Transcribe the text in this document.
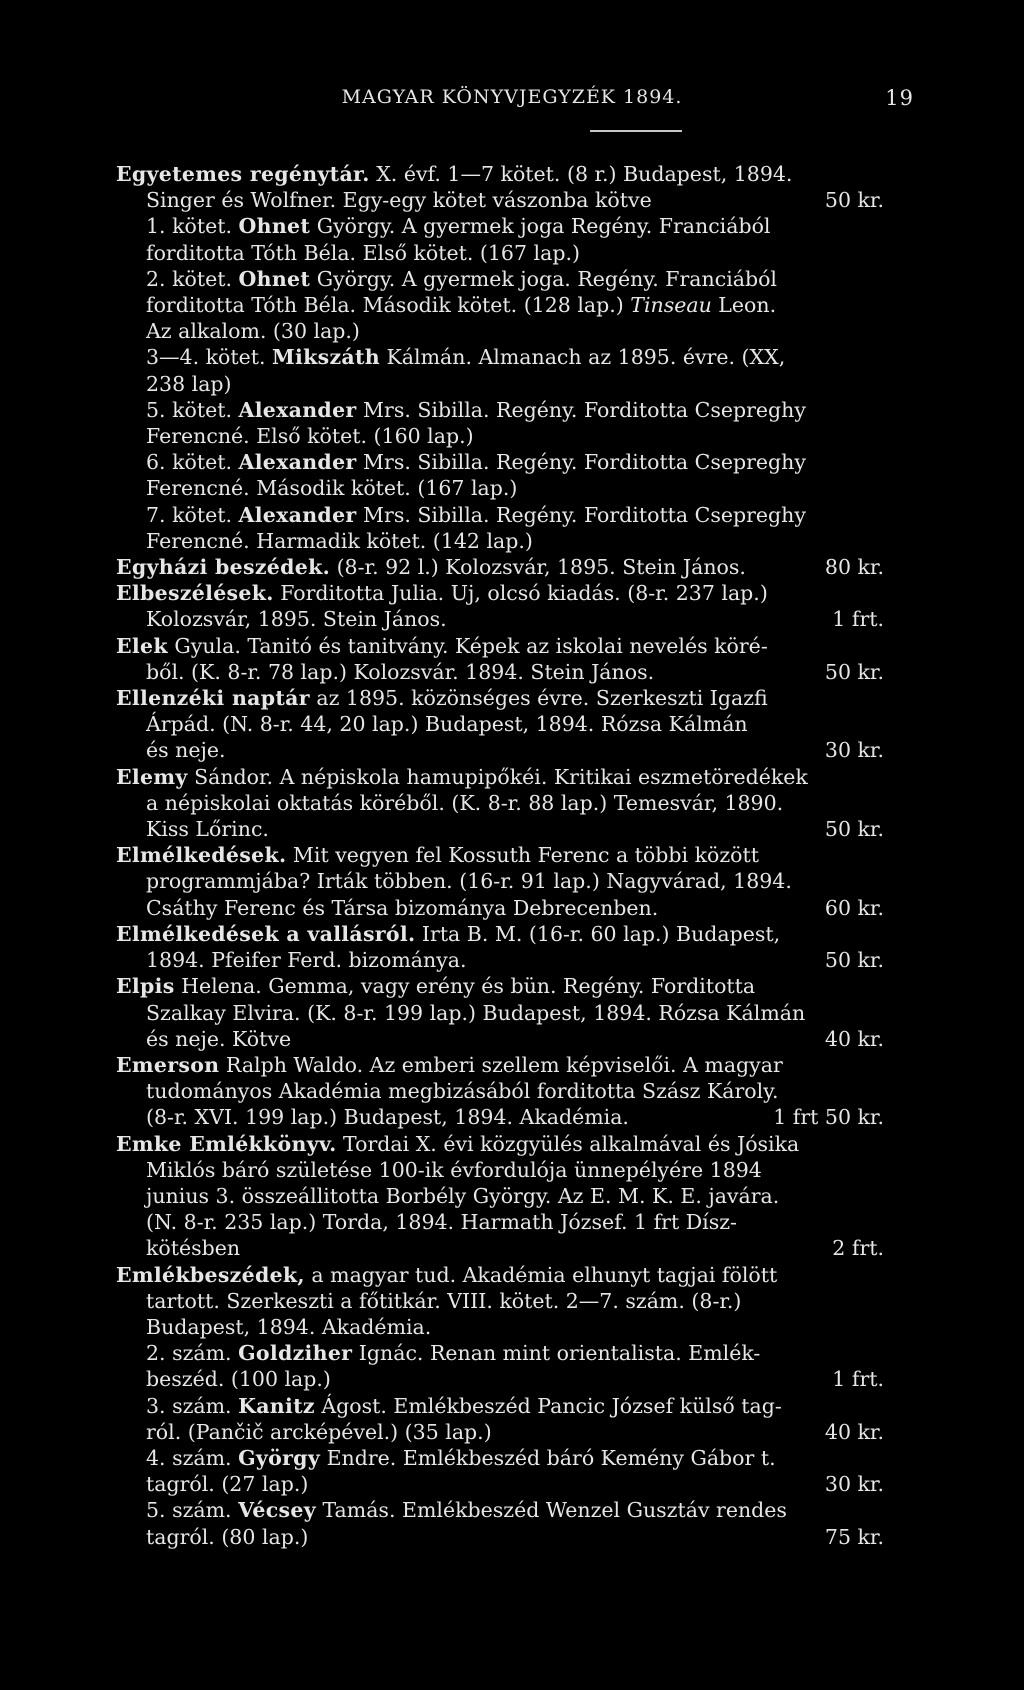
MAGYAR KÖNYVJEGYZÉK 1894.	19
Egyetemes regénytár. X. évf. 1—7 kötet. (8 r.) Budapest, 1894.
Singer és Wolfner. Egy-egy kötet vászonba kötve	50 kr.
1. kötet. Ohnet György. A gyermek joga Regény. Franciából
forditotta Tóth Béla. Első kötet. (167 lap.)
2. kötet. Ohnet György. A gyermek joga. Regény. Franciából
forditotta Tóth Béla. Második kötet. (128 lap.) Tinseau Leon.
Az alkalom. (30 lap.)
3—4. kötet. Mikszáth Kálmán. Almanach az 1895. évre. (XX,
238 lap)
5. kötet. Alexander Mrs. Sibilla. Regény. Forditotta Csepreghy
Ferencné. Első kötet. (160 lap.)
6. kötet. Alexander Mrs. Sibilla. Regény. Forditotta Csepreghy
Ferencné. Második kötet. (167 lap.)
7. kötet. Alexander Mrs. Sibilla. Regény. Forditotta Csepreghy
Ferencné. Harmadik kötet. (142 lap.)
Egyházi beszédek. (8-r. 92 l.) Kolozsvár, 1895. Stein János.	80 kr.
Elbeszélések. Forditotta Julia. Uj, olcsó kiadás. (8-r. 237 lap.)
Kolozsvár, 1895. Stein János.	1 frt.
Elek Gyula. Tanitó és tanitvány. Képek az iskolai nevelés köré-
ből. (K. 8-r. 78 lap.) Kolozsvár. 1894. Stein János.	50 kr.
Ellenzéki naptár az 1895. közönséges évre. Szerkeszti Igazfi
Árpád. (N. 8-r. 44, 20 lap.) Budapest, 1894. Rózsa Kálmán
és neje.	30 kr.
Elemy Sándor. A népiskola hamupipőkéi. Kritikai eszmetöredékek
a népiskolai oktatás köréből. (K. 8-r. 88 lap.) Temesvár, 1890.
Kiss Lőrinc.	50 kr.
Elmélkedések. Mit vegyen fel Kossuth Ferenc a többi között
programmjába? Irták többen. (16-r. 91 lap.) Nagyvárad, 1894.
Csáthy Ferenc és Társa bizománya Debrecenben.	60 kr.
Elmélkedések a vallásról. Irta B. M. (16-r. 60 lap.) Budapest,
1894. Pfeifer Ferd. bizománya.	50 kr.
Elpis Helena. Gemma, vagy erény és bün. Regény. Forditotta
Szalkay Elvira. (K. 8-r. 199 lap.) Budapest, 1894. Rózsa Kálmán
és neje. Kötve	40 kr.
Emerson Ralph Waldo. Az emberi szellem képviselői. A magyar
tudományos Akadémia megbizásából forditotta Szász Károly.
(8-r. XVI. 199 lap.) Budapest, 1894. Akadémia.	1 frt 50 kr.
Emke Emlékkönyv. Tordai X. évi közgyülés alkalmával és Jósika
Miklós báró születése 100-ik évfordulója ünnepélyére 1894
junius 3. összeállitotta Borbély György. Az E. M. K. E. javára.
(N. 8-r. 235 lap.) Torda, 1894. Harmath József. 1 frt Dísz-
kötésben	2 frt.
Emlékbeszédek, a magyar tud. Akadémia elhunyt tagjai fölött
tartott. Szerkeszti a főtitkár. VIII. kötet. 2—7. szám. (8-r.)
Budapest, 1894. Akadémia.
2. szám. Goldziher Ignác. Renan mint orientalista. Emlék-
beszéd. (100 lap.)	1 frt.
3. szám. Kanitz Ágost. Emlékbeszéd Pancic József külső tag-
ról. (Pančič arcképével.) (35 lap.)	40 kr.
4. szám. György Endre. Emlékbeszéd báró Kemény Gábor t.
tagról. (27 lap.)	30 kr.
5. szám. Vécsey Tamás. Emlékbeszéd Wenzel Gusztáv rendes
tagról. (80 lap.)	75 kr.
